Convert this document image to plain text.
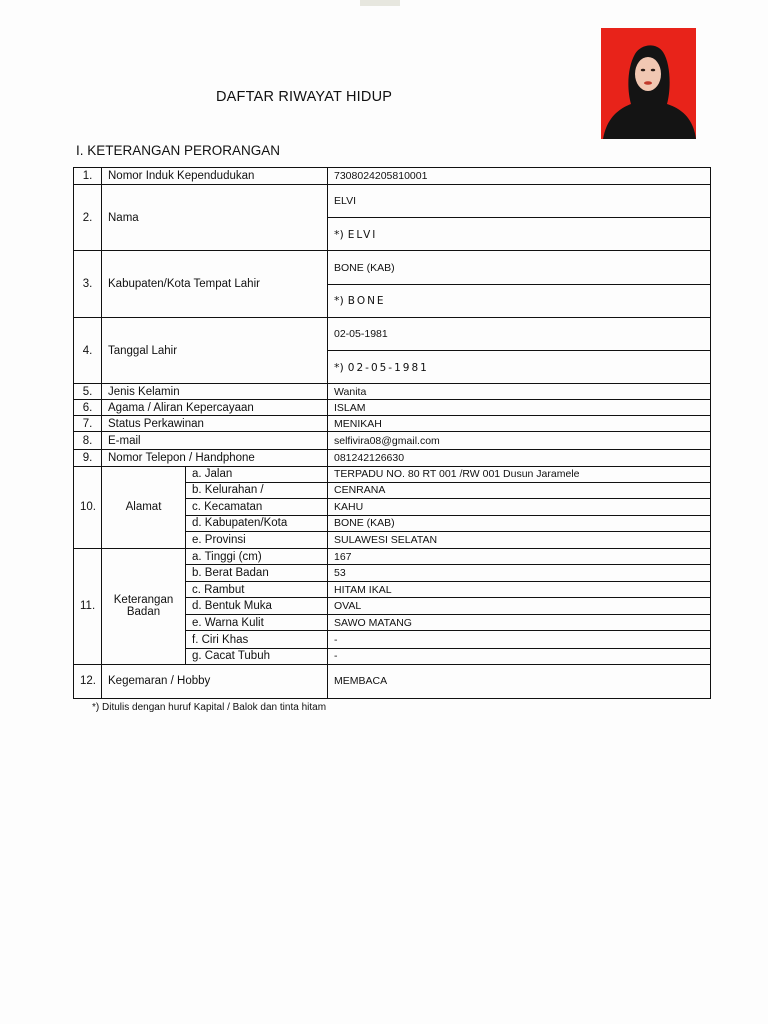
DAFTAR RIWAYAT HIDUP
I. KETERANGAN PERORANGAN
1.	Nomor Induk Kependudukan		7308024205810001
2.	Nama		ELVI
			*) ELVI
3.	Kabupaten/Kota Tempat Lahir		BONE (KAB)
			*) BONE
4.	Tanggal Lahir		02-05-1981
			*) 02-05-1981
5.	Jenis Kelamin		Wanita
6.	Agama / Aliran Kepercayaan		ISLAM
7.	Status Perkawinan		MENIKAH
8.	E-mail		selfivira08@gmail.com
9.	Nomor Telepon / Handphone		081242126630
10.	Alamat	a. Jalan	TERPADU NO. 80 RT 001 /RW 001 Dusun Jaramele
		b. Kelurahan /	CENRANA
		c. Kecamatan	KAHU
		d. Kabupaten/Kota	BONE (KAB)
		e. Provinsi	SULAWESI SELATAN
11.	Keterangan
Badan	a. Tinggi (cm)	167
		b. Berat Badan	53
		c. Rambut	HITAM IKAL
		d. Bentuk Muka	OVAL
		e. Warna Kulit	SAWO MATANG
		f. Ciri Khas	-
		g. Cacat Tubuh	-
12.	Kegemaran / Hobby		MEMBACA
*) Ditulis dengan huruf Kapital / Balok dan tinta hitam
